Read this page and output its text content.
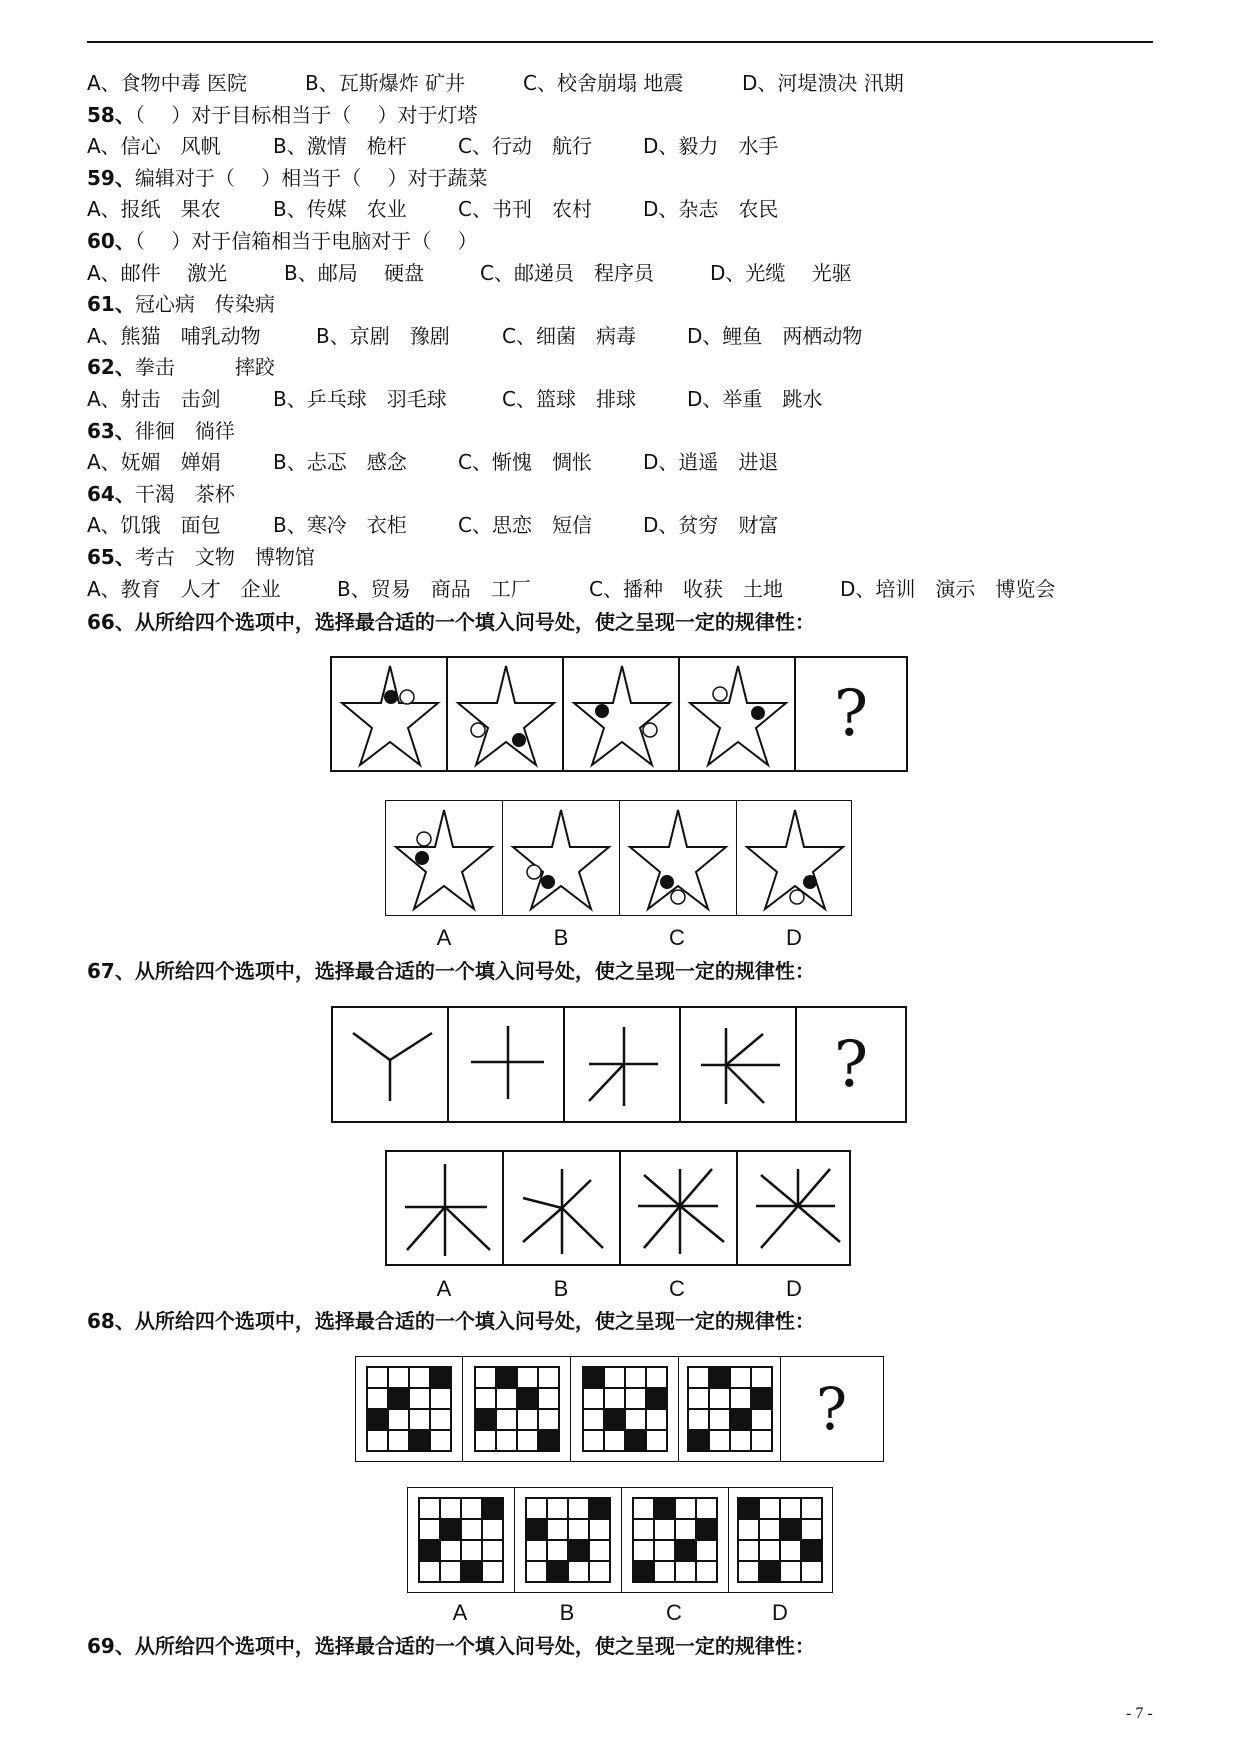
A、食物中毒 医院	B、瓦斯爆炸 矿井	C、校舍崩塌 地震	D、河堤溃决 汛期
58、（　 ）对于目标相当于（　 ）对于灯塔
A、信心　风帆	B、激情　桅杆	C、行动　航行	D、毅力　水手
59、编辑对于（　 ）相当于（　 ）对于蔬菜
A、报纸　果农	B、传媒　农业	C、书刊　农村	D、杂志　农民
60、（　 ）对于信箱相当于电脑对于（　 ）
A、邮件　 激光	B、邮局　 硬盘	C、邮递员　程序员	D、光缆　 光驱
61、冠心病　传染病
A、熊猫　哺乳动物	B、京剧　豫剧	C、细菌　病毒	D、鲤鱼　两栖动物
62、拳击　　　摔跤
A、射击　击剑	B、乒乓球　羽毛球	C、篮球　排球	D、举重　跳水
63、徘徊　徜徉
A、妩媚　婵娟	B、忐忑　感念	C、惭愧　惆怅	D、逍遥　进退
64、干渴　茶杯
A、饥饿　面包	B、寒冷　衣柜	C、思恋　短信	D、贫穷　财富
65、考古　文物　博物馆
A、教育　人才　企业	B、贸易　商品　工厂	C、播种　收获　土地	D、培训　演示　博览会
66、从所给四个选项中，选择最合适的一个填入问号处，使之呈现一定的规律性：
?
A	B	C	D
67、从所给四个选项中，选择最合适的一个填入问号处，使之呈现一定的规律性：
?
A	B	C	D
68、从所给四个选项中，选择最合适的一个填入问号处，使之呈现一定的规律性：
?
A	B	C	D
69、从所给四个选项中，选择最合适的一个填入问号处，使之呈现一定的规律性：
- 7 -
